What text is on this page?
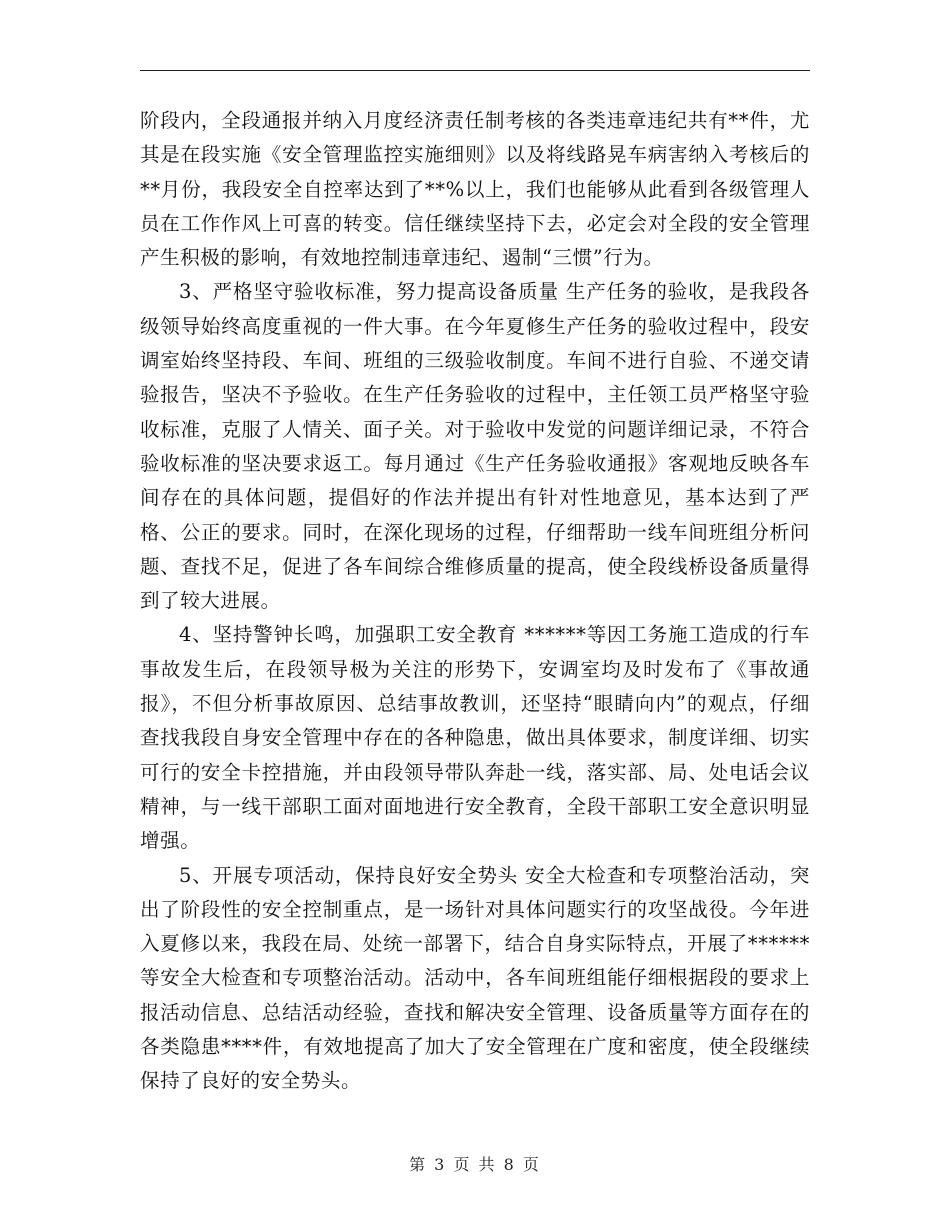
阶段内，全段通报并纳入月度经济责任制考核的各类违章违纪共有**件，尤其是在段实施《安全管理监控实施细则》以及将线路晃车病害纳入考核后的**月份，我段安全自控率达到了**%以上，我们也能够从此看到各级管理人员在工作作风上可喜的转变。信任继续坚持下去，必定会对全段的安全管理产生积极的影响，有效地控制违章违纪、遏制“三惯”行为。

3、严格坚守验收标准，努力提高设备质量 生产任务的验收，是我段各级领导始终高度重视的一件大事。在今年夏修生产任务的验收过程中，段安调室始终坚持段、车间、班组的三级验收制度。车间不进行自验、不递交请验报告，坚决不予验收。在生产任务验收的过程中，主任领工员严格坚守验收标准，克服了人情关、面子关。对于验收中发觉的问题详细记录，不符合验收标准的坚决要求返工。每月通过《生产任务验收通报》客观地反映各车间存在的具体问题，提倡好的作法并提出有针对性地意见，基本达到了严格、公正的要求。同时，在深化现场的过程，仔细帮助一线车间班组分析问题、查找不足，促进了各车间综合维修质量的提高，使全段线桥设备质量得到了较大进展。

4、坚持警钟长鸣，加强职工安全教育 ******等因工务施工造成的行车事故发生后，在段领导极为关注的形势下，安调室均及时发布了《事故通报》，不但分析事故原因、总结事故教训，还坚持“眼睛向内”的观点，仔细查找我段自身安全管理中存在的各种隐患，做出具体要求，制度详细、切实可行的安全卡控措施，并由段领导带队奔赴一线，落实部、局、处电话会议精神，与一线干部职工面对面地进行安全教育，全段干部职工安全意识明显增强。

5、开展专项活动，保持良好安全势头 安全大检查和专项整治活动，突出了阶段性的安全控制重点，是一场针对具体问题实行的攻坚战役。今年进入夏修以来，我段在局、处统一部署下，结合自身实际特点，开展了******等安全大检查和专项整治活动。活动中，各车间班组能仔细根据段的要求上报活动信息、总结活动经验，查找和解决安全管理、设备质量等方面存在的各类隐患****件，有效地提高了加大了安全管理在广度和密度，使全段继续保持了良好的安全势头。

第 3 页 共 8 页
